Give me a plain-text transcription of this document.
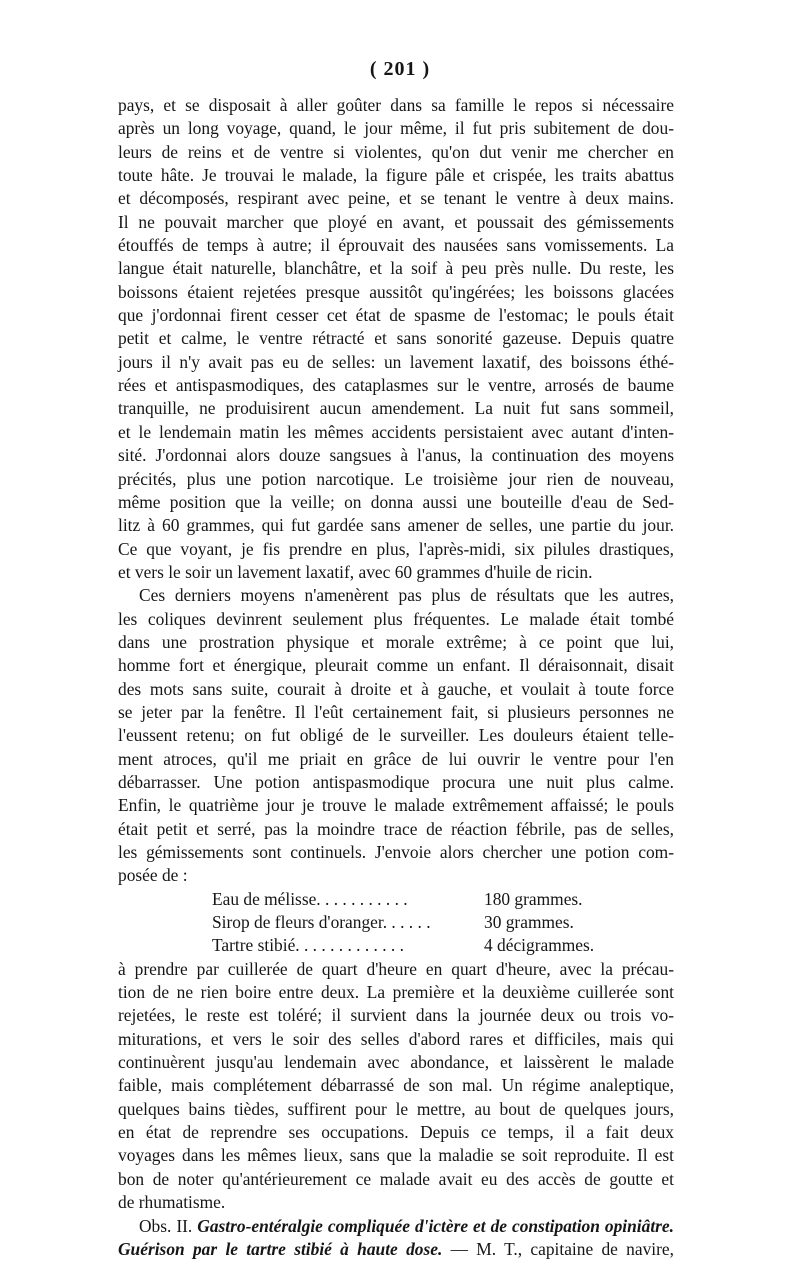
( 201 )
pays, et se disposait à aller goûter dans sa famille le repos si nécessaire
après un long voyage, quand, le jour même, il fut pris subitement de dou-
leurs de reins et de ventre si violentes, qu'on dut venir me chercher en
toute hâte. Je trouvai le malade, la figure pâle et crispée, les traits abattus
et décomposés, respirant avec peine, et se tenant le ventre à deux mains.
Il ne pouvait marcher que ployé en avant, et poussait des gémissements
étouffés de temps à autre; il éprouvait des nausées sans vomissements. La
langue était naturelle, blanchâtre, et la soif à peu près nulle. Du reste, les
boissons étaient rejetées presque aussitôt qu'ingérées; les boissons glacées
que j'ordonnai firent cesser cet état de spasme de l'estomac; le pouls était
petit et calme, le ventre rétracté et sans sonorité gazeuse. Depuis quatre
jours il n'y avait pas eu de selles: un lavement laxatif, des boissons éthé-
rées et antispasmodiques, des cataplasmes sur le ventre, arrosés de baume
tranquille, ne produisirent aucun amendement. La nuit fut sans sommeil,
et le lendemain matin les mêmes accidents persistaient avec autant d'inten-
sité. J'ordonnai alors douze sangsues à l'anus, la continuation des moyens
précités, plus une potion narcotique. Le troisième jour rien de nouveau,
même position que la veille; on donna aussi une bouteille d'eau de Sed-
litz à 60 grammes, qui fut gardée sans amener de selles, une partie du jour.
Ce que voyant, je fis prendre en plus, l'après-midi, six pilules drastiques,
et vers le soir un lavement laxatif, avec 60 grammes d'huile de ricin.
Ces derniers moyens n'amenèrent pas plus de résultats que les autres,
les coliques devinrent seulement plus fréquentes. Le malade était tombé
dans une prostration physique et morale extrême; à ce point que lui,
homme fort et énergique, pleurait comme un enfant. Il déraisonnait, disait
des mots sans suite, courait à droite et à gauche, et voulait à toute force
se jeter par la fenêtre. Il l'eût certainement fait, si plusieurs personnes ne
l'eussent retenu; on fut obligé de le surveiller. Les douleurs étaient telle-
ment atroces, qu'il me priait en grâce de lui ouvrir le ventre pour l'en
débarrasser. Une potion antispasmodique procura une nuit plus calme.
Enfin, le quatrième jour je trouve le malade extrêmement affaissé; le pouls
était petit et serré, pas la moindre trace de réaction fébrile, pas de selles,
les gémissements sont continuels. J'envoie alors chercher une potion com-
posée de :
Eau de mélisse. . . . . . . . . . .	180 grammes.
Sirop de fleurs d'oranger. . . . . .	30 grammes.
Tartre stibié. . . . . . . . . . . . .	4 décigrammes.
à prendre par cuillerée de quart d'heure en quart d'heure, avec la précau-
tion de ne rien boire entre deux. La première et la deuxième cuillerée sont
rejetées, le reste est toléré; il survient dans la journée deux ou trois vo-
miturations, et vers le soir des selles d'abord rares et difficiles, mais qui
continuèrent jusqu'au lendemain avec abondance, et laissèrent le malade
faible, mais complétement débarrassé de son mal. Un régime analeptique,
quelques bains tièdes, suffirent pour le mettre, au bout de quelques jours,
en état de reprendre ses occupations. Depuis ce temps, il a fait deux
voyages dans les mêmes lieux, sans que la maladie se soit reproduite. Il est
bon de noter qu'antérieurement ce malade avait eu des accès de goutte et
de rhumatisme.
Obs. II. Gastro-entéralgie compliquée d'ictère et de constipation opiniâtre.
Guérison par le tartre stibié à haute dose. — M. T., capitaine de navire,
